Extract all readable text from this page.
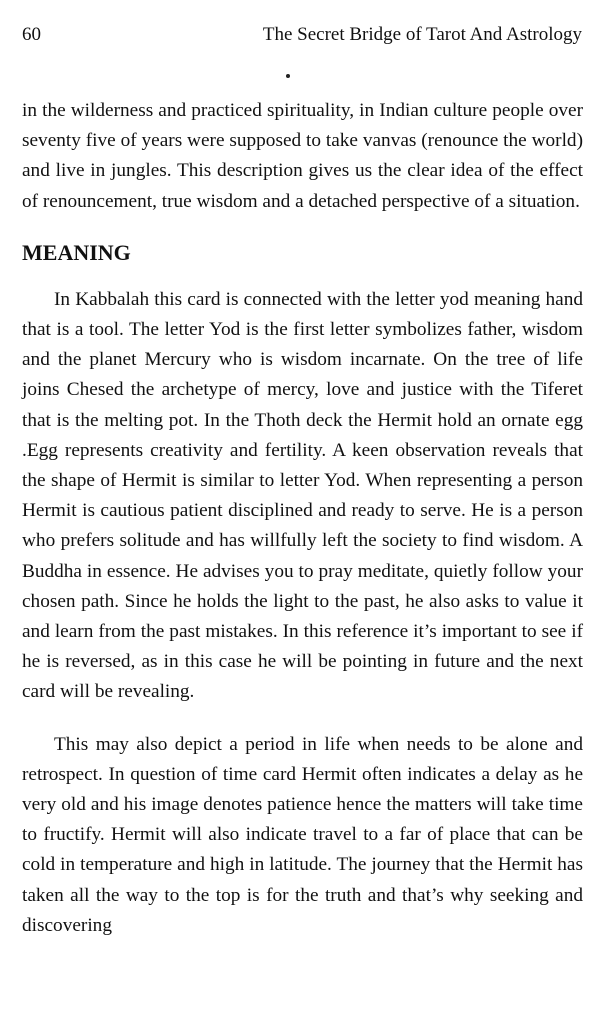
60	The Secret Bridge of Tarot And Astrology

in the wilderness and practiced spirituality, in Indian culture people over seventy five of years were supposed to take vanvas (renounce the world) and live in jungles. This description gives us the clear idea of the effect of renouncement, true wisdom and a detached perspective of a situation.

MEANING

In Kabbalah this card is connected with the letter yod meaning hand that is a tool. The letter Yod is the first letter symbolizes father, wisdom and the planet Mercury who is wisdom incarnate. On the tree of life joins Chesed the archetype of mercy, love and justice with the Tiferet that is the melting pot. In the Thoth deck the Hermit hold an ornate egg .Egg represents creativity and fertility. A keen observation reveals that the shape of Hermit is similar to letter Yod. When representing a person Hermit is cautious patient disciplined and ready to serve. He is a person who prefers solitude and has willfully left the society to find wisdom. A Buddha in essence. He advises you to pray meditate, quietly follow your chosen path. Since he holds the light to the past, he also asks to value it and learn from the past mistakes. In this reference it’s important to see if he is reversed, as in this case he will be pointing in future and the next card will be revealing.

This may also depict a period in life when needs to be alone and retrospect. In question of time card Hermit often indicates a delay as he very old and his image denotes patience hence the matters will take time to fructify. Hermit will also indicate travel to a far of place that can be cold in temperature and high in latitude. The journey that the Hermit has taken all the way to the top is for the truth and that’s why seeking and discovering
